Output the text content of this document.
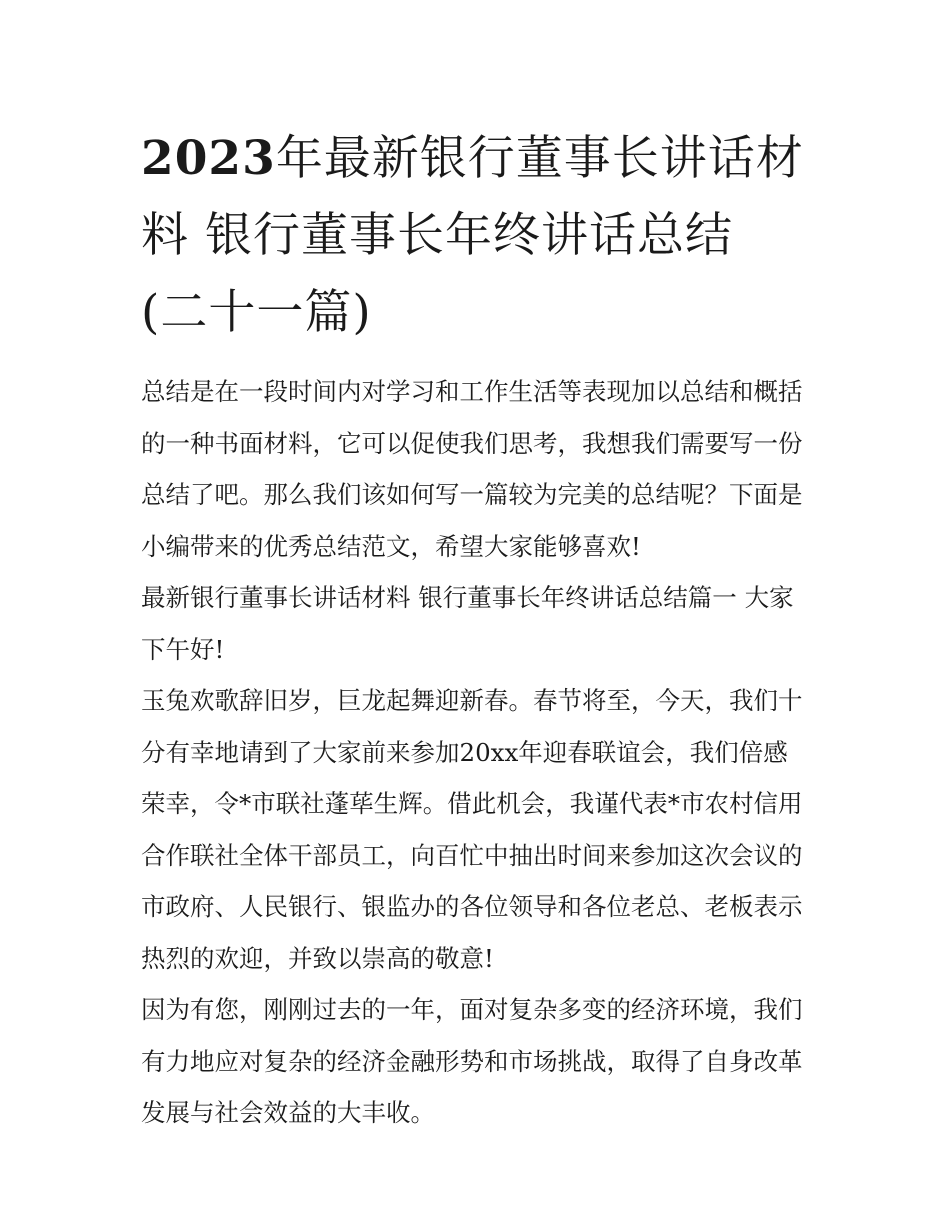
2023年最新银行董事长讲话材
料 银行董事长年终讲话总结
(二十一篇)

总结是在一段时间内对学习和工作生活等表现加以总结和概括
的一种书面材料，它可以促使我们思考，我想我们需要写一份
总结了吧。那么我们该如何写一篇较为完美的总结呢？下面是
小编带来的优秀总结范文，希望大家能够喜欢!

最新银行董事长讲话材料 银行董事长年终讲话总结篇一 大家
下午好!

玉兔欢歌辞旧岁，巨龙起舞迎新春。春节将至，今天，我们十
分有幸地请到了大家前来参加20xx年迎春联谊会，我们倍感
荣幸，令*市联社蓬荜生辉。借此机会，我谨代表*市农村信用
合作联社全体干部员工，向百忙中抽出时间来参加这次会议的
市政府、人民银行、银监办的各位领导和各位老总、老板表示
热烈的欢迎，并致以崇高的敬意!

因为有您，刚刚过去的一年，面对复杂多变的经济环境，我们
有力地应对复杂的经济金融形势和市场挑战，取得了自身改革
发展与社会效益的大丰收。
